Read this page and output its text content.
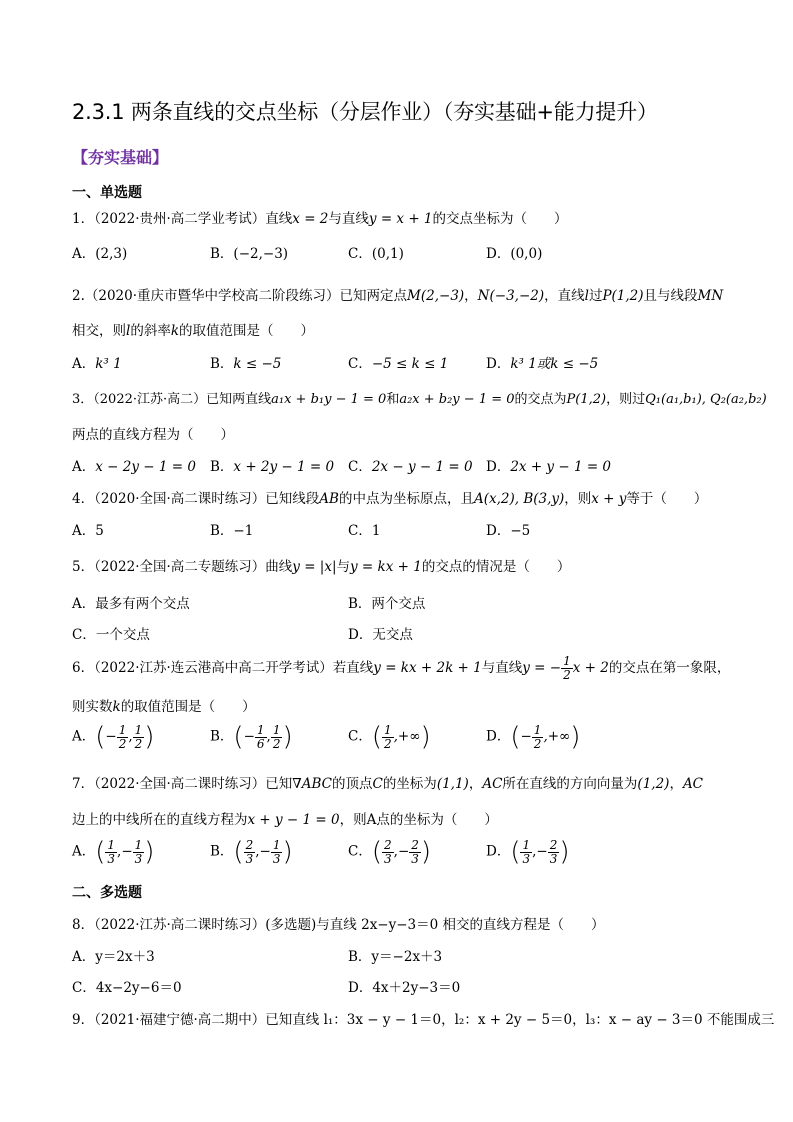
2.3.1 两条直线的交点坐标（分层作业）（夯实基础+能力提升）
【夯实基础】
一、单选题
1．（2022·贵州·高二学业考试）直线x = 2与直线y = x + 1的交点坐标为（　　）
A．(2,3)	B．(−2,−3)	C．(0,1)	D．(0,0)
2.（2020·重庆市暨华中学校高二阶段练习）已知两定点M(2,−3)，N(−3,−2)，直线l过P(1,2)且与线段MN
相交，则l的斜率k的取值范围是（　　）
A．k³ 1	B．k ≤ −5	C．−5 ≤ k ≤ 1	D．k³ 1或k ≤ −5
3．（2022·江苏·高二）已知两直线a₁x + b₁y − 1 = 0和a₂x + b₂y − 1 = 0的交点为P(1,2)，则过Q₁(a₁,b₁), Q₂(a₂,b₂)
两点的直线方程为（　　）
A．x − 2y − 1 = 0 B．x + 2y − 1 = 0 C．2x − y − 1 = 0 D．2x + y − 1 = 0
4．（2020·全国·高二课时练习）已知线段AB的中点为坐标原点，且A(x,2), B(3,y)，则x + y等于（　　）
A．5	B．−1	C．1	D．−5
5．（2022·全国·高二专题练习）曲线y = |x|与y = kx + 1的交点的情况是（　　）
A．最多有两个交点	B．两个交点
C．一个交点	D．无交点
6．（2022·江苏·连云港高中高二开学考试）若直线y = kx + 2k + 1与直线y = − $\frac{1}{2}$ x + 2的交点在第一象限，
则实数k的取值范围是（　　）
A．(− $\frac{1}{2}$ , $\frac{1}{2}$ )	B．(− $\frac{1}{6}$ , $\frac{1}{2}$ )	C．( $\frac{1}{2}$ ,+∞)	D．(− $\frac{1}{2}$ ,+∞)
7．（2022·全国·高二课时练习）已知∇ABC的顶点C的坐标为(1,1)，AC所在直线的方向向量为(1,2)，AC
边上的中线所在的直线方程为x + y − 1 = 0，则A点的坐标为（　　）
A．( $\frac{1}{3}$ ,− $\frac{1}{3}$ )	B．( $\frac{2}{3}$ ,− $\frac{1}{3}$ )	C．( $\frac{2}{3}$ ,− $\frac{2}{3}$ )	D．( $\frac{1}{3}$ ,− $\frac{2}{3}$ )
二、多选题
8．（2022·江苏·高二课时练习）(多选题)与直线 2x−y−3＝0 相交的直线方程是（　　）
A．y＝2x＋3	B．y＝−2x＋3
C．4x−2y−6＝0	D．4x＋2y−3＝0
9．（2021·福建宁德·高二期中）已知直线 l₁：3x − y − 1＝0，l₂：x + 2y − 5＝0，l₃：x − ay − 3＝0 不能围成三
